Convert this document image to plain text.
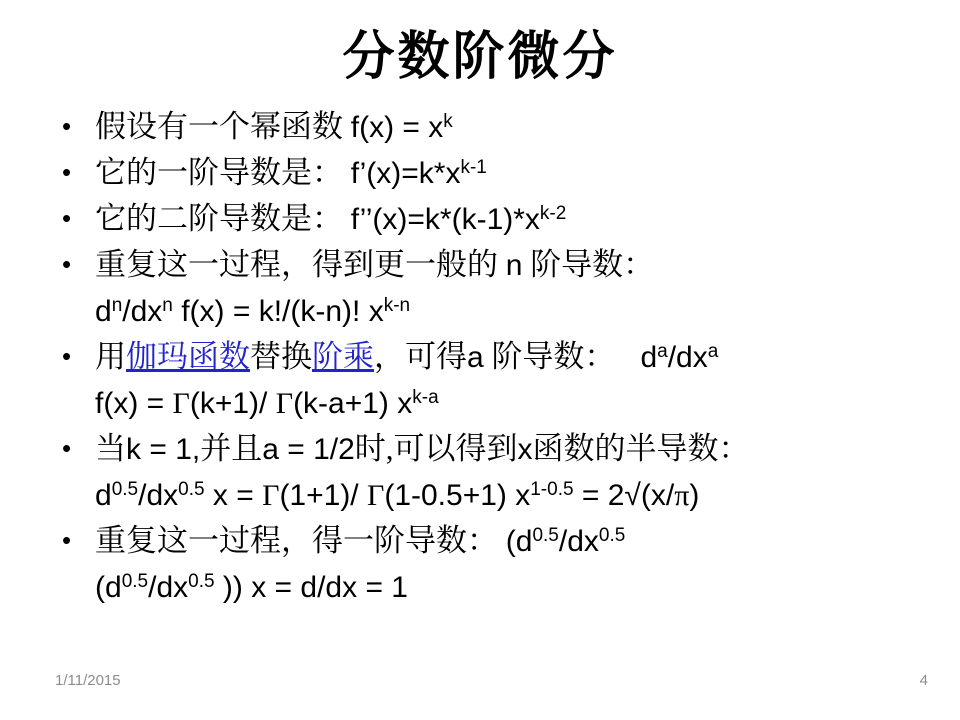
分数阶微分
• 假设有一个幂函数 $f(x) = x^k$
• 它的一阶导数是： $f’(x)=k*x^{k-1}$
• 它的二阶导数是： $f’’(x)=k*(k-1)*x^{k-2}$
• 重复这一过程，得到更一般的 n 阶导数：
$d^n/dx^n$ f(x) = k!/(k-n)! $x^{k-n}$
• 用伽玛函数替换阶乘，可得a 阶导数：   $d^a/dx^a$
f(x) = Γ(k+1)/ Γ(k-a+1) $x^{k-a}$
• 当k = 1,并且a = 1/2时,可以得到x函数的半导数：
$d^{0.5}/dx^{0.5}$ x = Γ(1+1)/ Γ(1-0.5+1) $x^{1-0.5} = 2√(x/\pi)$
• 重复这一过程，得一阶导数： ($d^{0.5}/dx^{0.5}$
($d^{0.5}/dx^{0.5}$ )) x = d/dx = 1
1/11/2015	4
